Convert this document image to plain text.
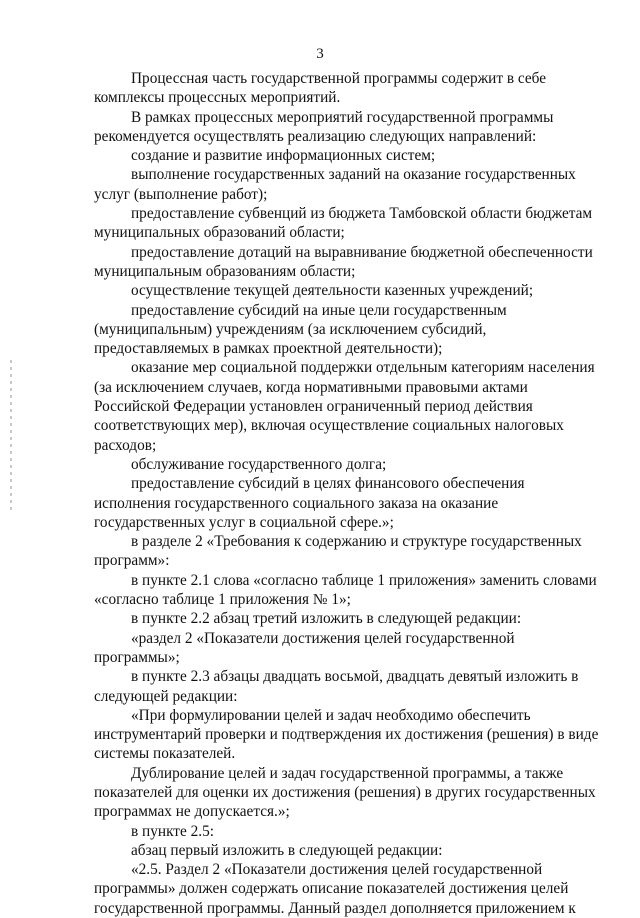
3

Процессная часть государственной программы содержит в себе
комплексы процессных мероприятий.

В рамках процессных мероприятий государственной программы
рекомендуется осуществлять реализацию следующих направлений:

создание и развитие информационных систем;

выполнение государственных заданий на оказание государственных
услуг (выполнение работ);

предоставление субвенций из бюджета Тамбовской области бюджетам
муниципальных образований области;

предоставление дотаций на выравнивание бюджетной обеспеченности
муниципальным образованиям области;

осуществление текущей деятельности казенных учреждений;

предоставление субсидий на иные цели государственным
(муниципальным) учреждениям (за исключением субсидий,
предоставляемых в рамках проектной деятельности);

оказание мер социальной поддержки отдельным категориям населения
(за исключением случаев, когда нормативными правовыми актами
Российской Федерации установлен ограниченный период действия
соответствующих мер), включая осуществление социальных налоговых
расходов;

обслуживание государственного долга;

предоставление субсидий в целях финансового обеспечения
исполнения государственного социального заказа на оказание
государственных услуг в социальной сфере.»;

в разделе 2 «Требования к содержанию и структуре государственных
программ»:

в пункте 2.1 слова «согласно таблице 1 приложения» заменить словами
«согласно таблице 1 приложения № 1»;

в пункте 2.2 абзац третий изложить в следующей редакции:

«раздел 2 «Показатели достижения целей государственной
программы»;

в пункте 2.3 абзацы двадцать восьмой, двадцать девятый изложить в
следующей редакции:

«При формулировании целей и задач необходимо обеспечить
инструментарий проверки и подтверждения их достижения (решения) в виде
системы показателей.

Дублирование целей и задач государственной программы, а также
показателей для оценки их достижения (решения) в других государственных
программах не допускается.»;

в пункте 2.5:

абзац первый изложить в следующей редакции:

«2.5. Раздел 2 «Показатели достижения целей государственной
программы» должен содержать описание показателей достижения целей
государственной программы. Данный раздел дополняется приложением к
